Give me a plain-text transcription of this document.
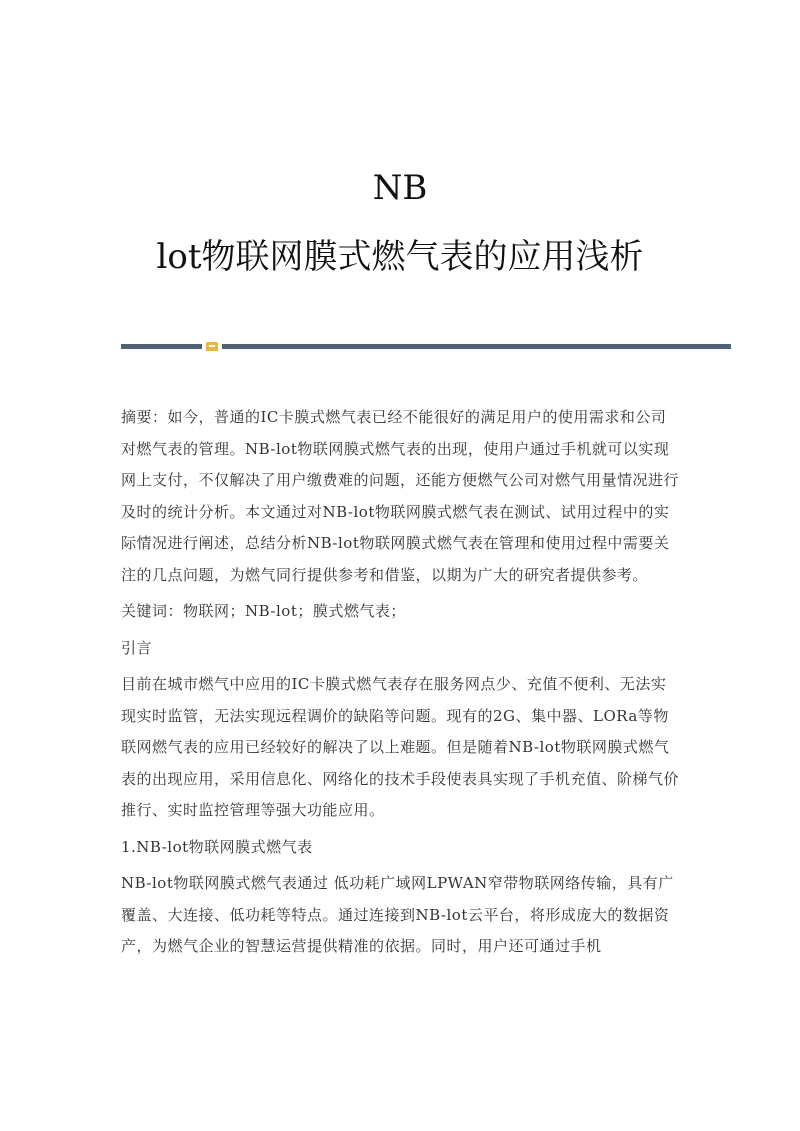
NB
lot物联网膜式燃气表的应用浅析

摘要：如今，普通的IC卡膜式燃气表已经不能很好的满足用户的使用需求和公司对燃气表的管理。NB-lot物联网膜式燃气表的出现，使用户通过手机就可以实现网上支付，不仅解决了用户缴费难的问题，还能方便燃气公司对燃气用量情况进行及时的统计分析。本文通过对NB-lot物联网膜式燃气表在测试、试用过程中的实际情况进行阐述，总结分析NB-lot物联网膜式燃气表在管理和使用过程中需要关注的几点问题，为燃气同行提供参考和借鉴，以期为广大的研究者提供参考。

关键词：物联网；NB-lot；膜式燃气表；

引言

目前在城市燃气中应用的IC卡膜式燃气表存在服务网点少、充值不便利、无法实现实时监管，无法实现远程调价的缺陷等问题。现有的2G、集中器、LORa等物联网燃气表的应用已经较好的解决了以上难题。但是随着NB-lot物联网膜式燃气表的出现应用，采用信息化、网络化的技术手段使表具实现了手机充值、阶梯气价推行、实时监控管理等强大功能应用。

1.NB-lot物联网膜式燃气表

NB-lot物联网膜式燃气表通过 低功耗广域网LPWAN窄带物联网络传输，具有广覆盖、大连接、低功耗等特点。通过连接到NB-lot云平台，将形成庞大的数据资产，为燃气企业的智慧运营提供精准的依据。同时，用户还可通过手机
